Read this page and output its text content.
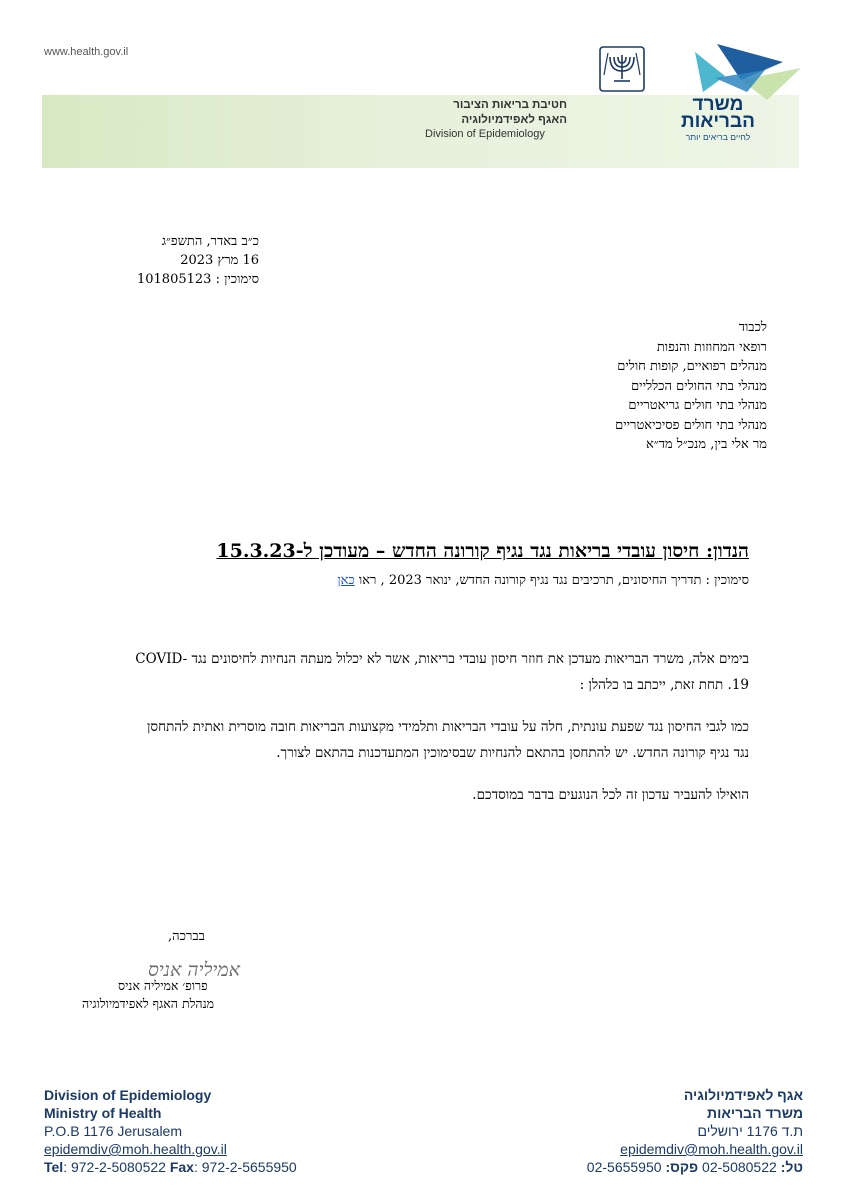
www.health.gov.il
חטיבת בריאות הציבור
האגף לאפידמיולוגיה
Division of Epidemiology
משרד
הבריאות
לחיים בריאים יותר
כ״ב באדר, התשפ״ג
16 מרץ 2023
סימוכין : 101805123
לכבוד
רופאי המחוזות והנפות
מנהלים רפואיים, קופות חולים
מנהלי בתי החולים הכלליים
מנהלי בתי חולים גריאטריים
מנהלי בתי חולים פסיכיאטריים
מר אלי בין, מנכ״ל מד״א
הנדון: חיסון עובדי בריאות נגד נגיף קורונה החדש – מעודכן ל-15.3.23
סימוכין : תדריך החיסונים, תרכיבים נגד נגיף קורונה החדש, ינואר 2023 , ראו כאן

בימים אלה, משרד הבריאות מעדכן את חוזר חיסון עובדי בריאות, אשר לא יכלול מעתה הנחיות לחיסונים נגד COVID-19. תחת זאת, ייכתב בו כלהלן :

כמו לגבי החיסון נגד שפעת עונתית, חלה על עובדי הבריאות ותלמידי מקצועות הבריאות חובה מוסרית ואתית להתחסן נגד נגיף קורונה החדש. יש להתחסן בהתאם להנחיות שבסימוכין המתעדכנות בהתאם לצורך.

הואילו להעביר עדכון זה לכל הנוגעים בדבר במוסדכם.

בברכה,
אמיליה אניס
פרופ׳ אמיליה אניס
מנהלת האגף לאפידמיולוגיה
Division of Epidemiology
Ministry of Health
P.O.B 1176 Jerusalem
epidemdiv@moh.health.gov.il
Tel: 972-2-5080522 Fax: 972-2-5655950
אגף לאפידמיולוגיה
משרד הבריאות
ת.ד 1176 ירושלים
epidemdiv@moh.health.gov.il
טל: 02-5080522 פקס: 02-5655950
